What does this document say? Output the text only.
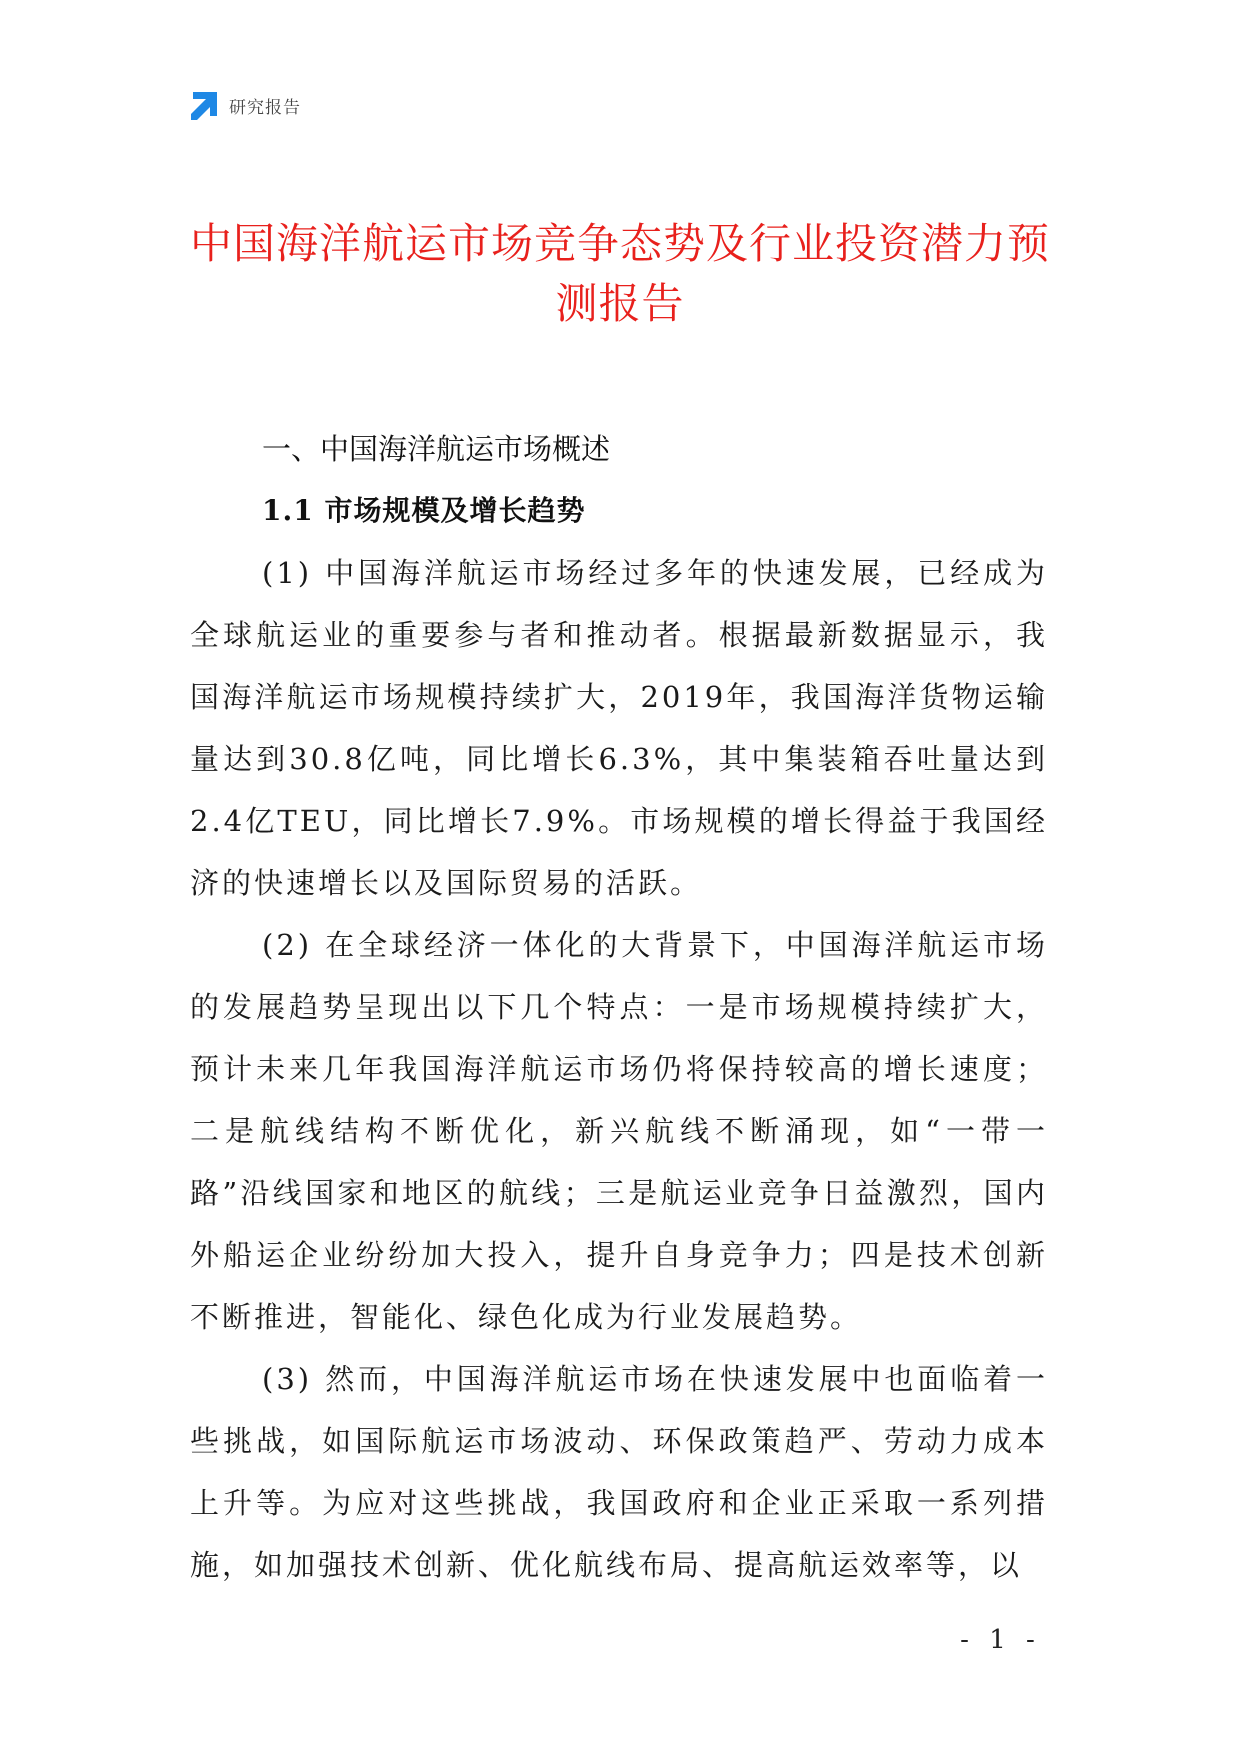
研究报告
中国海洋航运市场竞争态势及行业投资潜力预测报告
一、中国海洋航运市场概述
1.1 市场规模及增长趋势

(1) 中国海洋航运市场经过多年的快速发展，已经成为全球航运业的重要参与者和推动者。根据最新数据显示，我国海洋航运市场规模持续扩大，2019年，我国海洋货物运输量达到30.8亿吨，同比增长6.3%，其中集装箱吞吐量达到2.4亿TEU，同比增长7.9%。市场规模的增长得益于我国经济的快速增长以及国际贸易的活跃。

(2) 在全球经济一体化的大背景下，中国海洋航运市场的发展趋势呈现出以下几个特点：一是市场规模持续扩大，预计未来几年我国海洋航运市场仍将保持较高的增长速度；二是航线结构不断优化，新兴航线不断涌现，如“一带一路”沿线国家和地区的航线；三是航运业竞争日益激烈，国内外船运企业纷纷加大投入，提升自身竞争力；四是技术创新不断推进，智能化、绿色化成为行业发展趋势。

(3) 然而，中国海洋航运市场在快速发展中也面临着一些挑战，如国际航运市场波动、环保政策趋严、劳动力成本上升等。为应对这些挑战，我国政府和企业正采取一系列措施，如加强技术创新、优化航线布局、提高航运效率等，以

- 1 -
